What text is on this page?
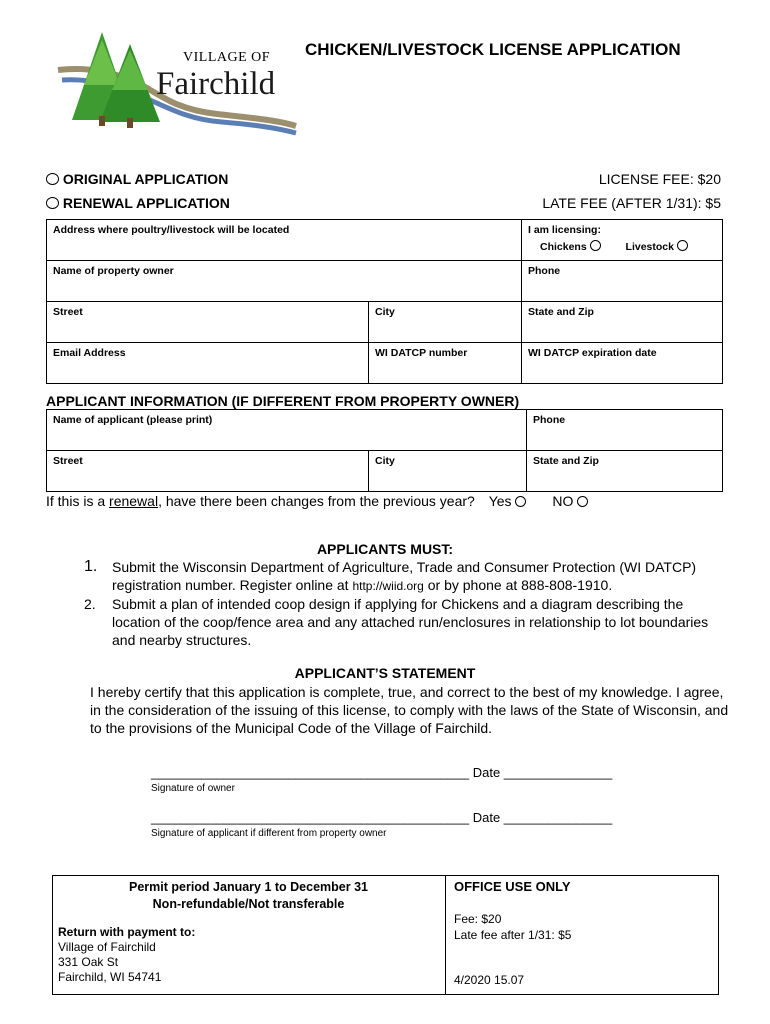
VILLAGE OF
Fairchild
CHICKEN/LIVESTOCK LICENSE APPLICATION
ORIGINAL APPLICATION
RENEWAL APPLICATION
LICENSE FEE: $20
LATE FEE (AFTER 1/31): $5
Address where poultry/livestock will be located	I am licensing:
Chickens	Livestock
Name of property owner	Phone
Street	City	State and Zip
Email Address	WI DATCP number	WI DATCP expiration date
APPLICANT INFORMATION (IF DIFFERENT FROM PROPERTY OWNER)
Name of applicant (please print)	Phone
Street	City	State and Zip
If this is a renewal, have there been changes from the previous year? Yes	NO
APPLICANTS MUST:
1. Submit the Wisconsin Department of Agriculture, Trade and Consumer Protection (WI DATCP) registration number. Register online at http://wiid.org or by phone at 888-808-1910.
2. Submit a plan of intended coop design if applying for Chickens and a diagram describing the location of the coop/fence area and any attached run/enclosures in relationship to lot boundaries and nearby structures.
APPLICANT’S STATEMENT
I hereby certify that this application is complete, true, and correct to the best of my knowledge. I agree, in the consideration of the issuing of this license, to comply with the laws of the State of Wisconsin, and to the provisions of the Municipal Code of the Village of Fairchild.
____________________________________________ Date _______________
Signature of owner
____________________________________________ Date _______________
Signature of applicant if different from property owner
Permit period January 1 to December 31
Non-refundable/Not transferable
Return with payment to:
Village of Fairchild
331 Oak St
Fairchild, WI 54741
OFFICE USE ONLY
Fee: $20
Late fee after 1/31: $5
4/2020 15.07
